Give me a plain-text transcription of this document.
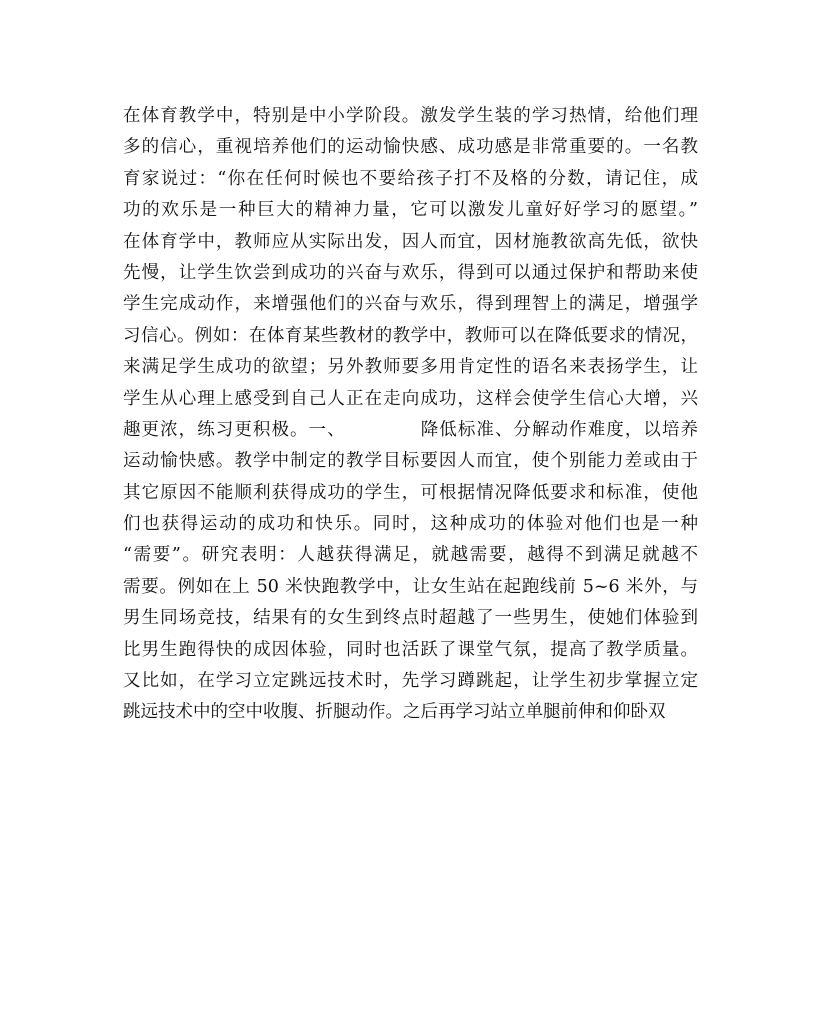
在体育教学中，特别是中小学阶段。激发学生装的学习热情，给他们理
多的信心，重视培养他们的运动愉快感、成功感是非常重要的。一名教
育家说过：“你在任何时候也不要给孩子打不及格的分数，请记住，成
功的欢乐是一种巨大的精神力量，它可以激发儿童好好学习的愿望。”
在体育学中，教师应从实际出发，因人而宜，因材施教欲高先低，欲快
先慢，让学生饮尝到成功的兴奋与欢乐，得到可以通过保护和帮助来使
学生完成动作，来增强他们的兴奋与欢乐，得到理智上的满足，增强学
习信心。例如：在体育某些教材的教学中，教师可以在降低要求的情况，
来满足学生成功的欲望；另外教师要多用肯定性的语名来表扬学生，让
学生从心理上感受到自己人正在走向成功，这样会使学生信心大增，兴
趣更浓，练习更积极。一、	降低标准、分解动作难度，以培养
运动愉快感。教学中制定的教学目标要因人而宜，使个别能力差或由于
其它原因不能顺利获得成功的学生，可根据情况降低要求和标准，使他
们也获得运动的成功和快乐。同时，这种成功的体验对他们也是一种
“需要”。研究表明：人越获得满足，就越需要，越得不到满足就越不
需要。例如在上 50 米快跑教学中，让女生站在起跑线前 5~6 米外，与
男生同场竞技，结果有的女生到终点时超越了一些男生，使她们体验到
比男生跑得快的成因体验，同时也活跃了课堂气氛，提高了教学质量。
又比如，在学习立定跳远技术时，先学习蹲跳起，让学生初步掌握立定
跳远技术中的空中收腹、折腿动作。之后再学习站立单腿前伸和仰卧双
